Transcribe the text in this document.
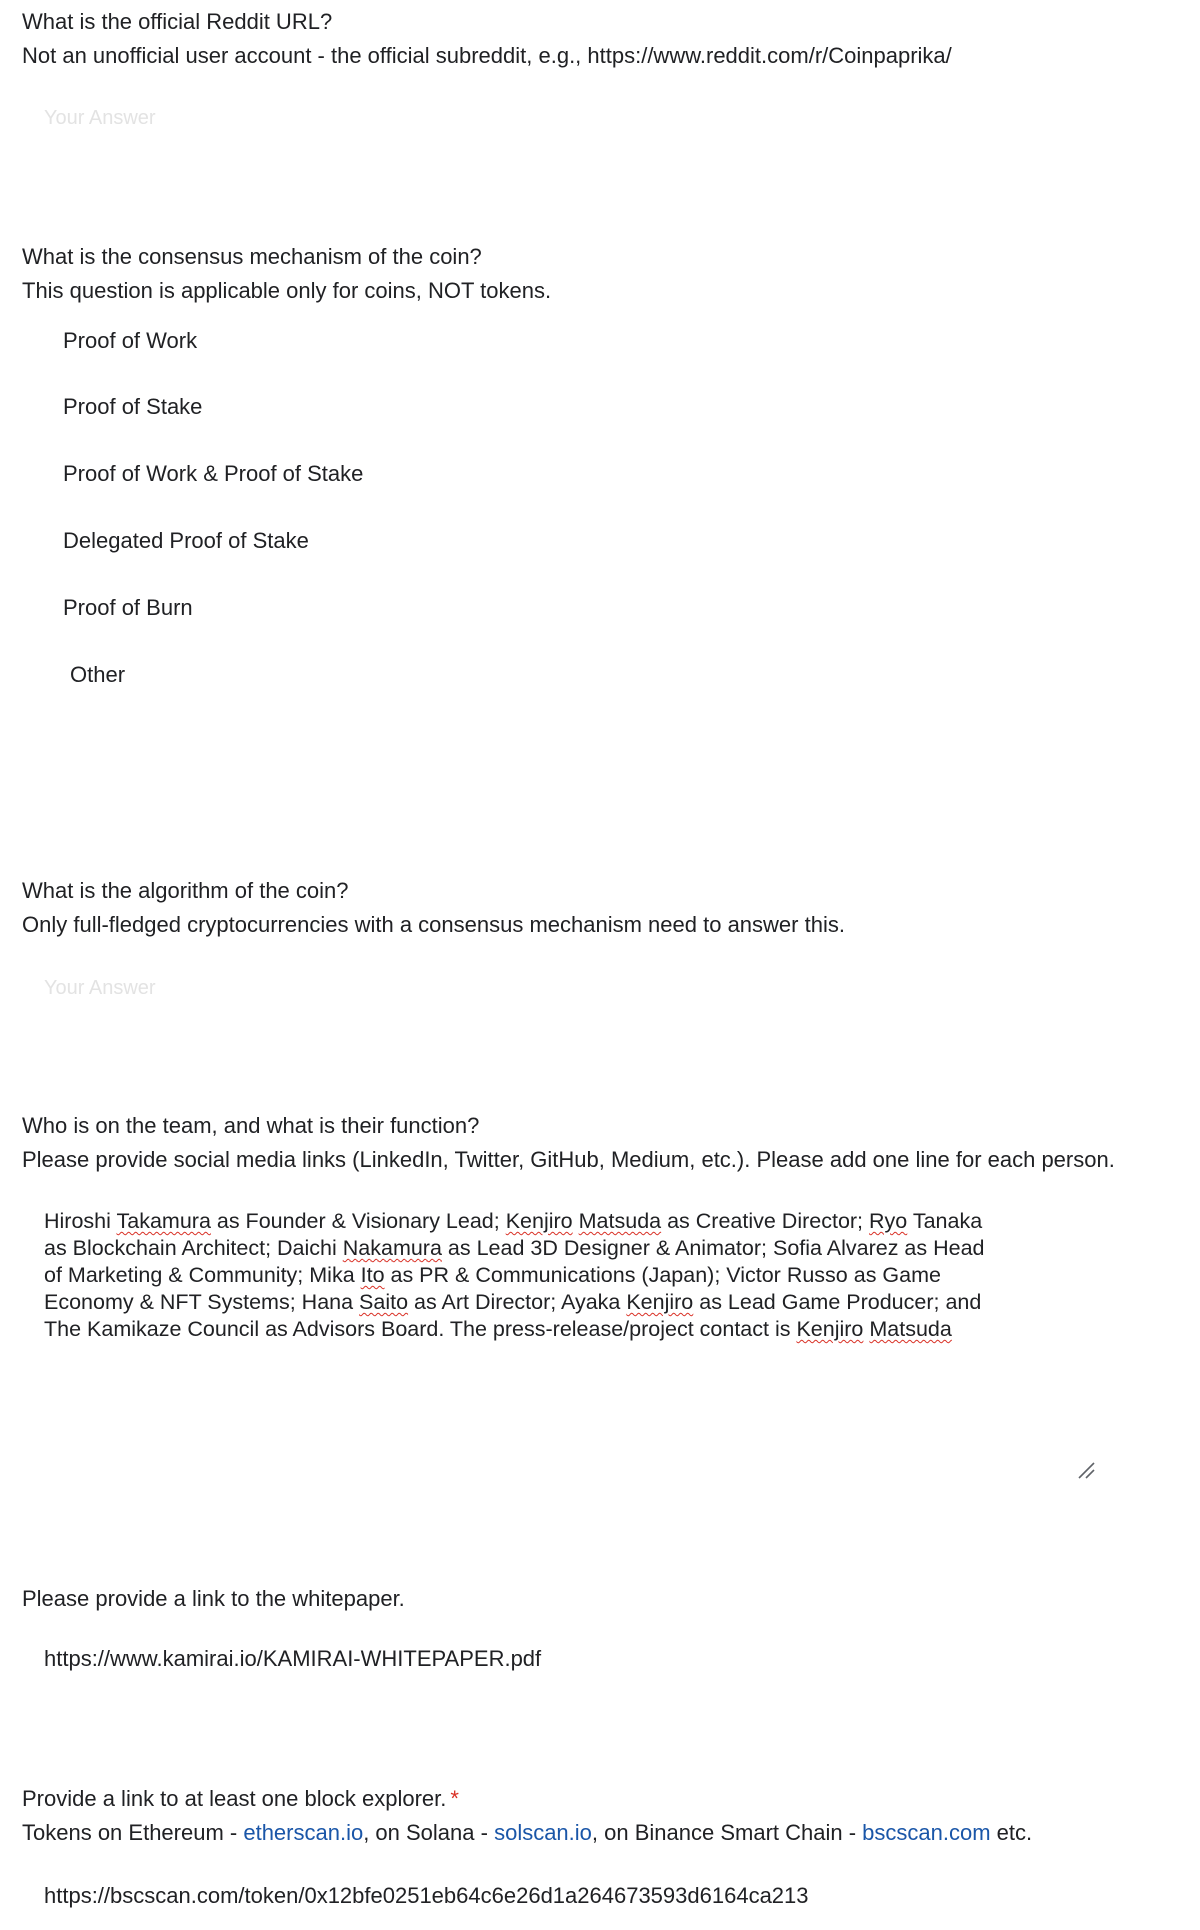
What is the official Reddit URL?
Not an unofficial user account - the official subreddit, e.g., https://www.reddit.com/r/Coinpaprika/
Your Answer
What is the consensus mechanism of the coin?
This question is applicable only for coins, NOT tokens.
Proof of Work
Proof of Stake
Proof of Work & Proof of Stake
Delegated Proof of Stake
Proof of Burn
Other
What is the algorithm of the coin?
Only full-fledged cryptocurrencies with a consensus mechanism need to answer this.
Your Answer
Who is on the team, and what is their function?
Please provide social media links (LinkedIn, Twitter, GitHub, Medium, etc.). Please add one line for each person.
Hiroshi Takamura as Founder & Visionary Lead; Kenjiro Matsuda as Creative Director; Ryo Tanaka
as Blockchain Architect; Daichi Nakamura as Lead 3D Designer & Animator; Sofia Alvarez as Head
of Marketing & Community; Mika Ito as PR & Communications (Japan); Victor Russo as Game
Economy & NFT Systems; Hana Saito as Art Director; Ayaka Kenjiro as Lead Game Producer; and
The Kamikaze Council as Advisors Board. The press-release/project contact is Kenjiro Matsuda
Please provide a link to the whitepaper.
https://www.kamirai.io/KAMIRAI-WHITEPAPER.pdf
Provide a link to at least one block explorer. *
Tokens on Ethereum - etherscan.io, on Solana - solscan.io, on Binance Smart Chain - bscscan.com etc.
https://bscscan.com/token/0x12bfe0251eb64c6e26d1a264673593d6164ca213
